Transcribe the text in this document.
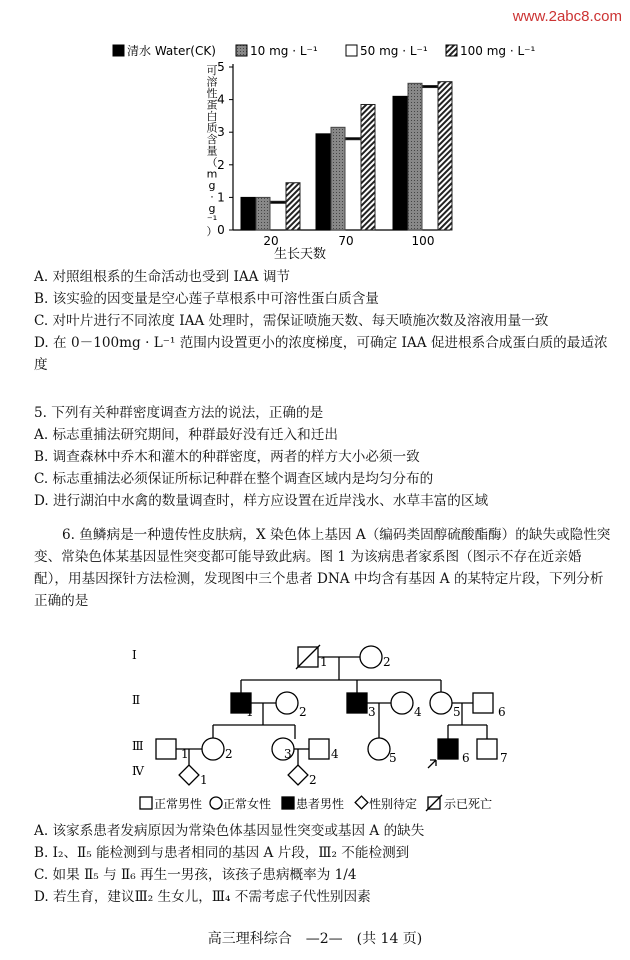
www.2abc8.com
清水 Water(CK)	10 mg · L⁻¹	50 mg · L⁻¹	100 mg · L⁻¹
可
溶
性
蛋
白
质
含
量
（
m
g
·
g
⁻¹
） 0
1
2
3
4
5
20	70	100
生长天数
A. 对照组根系的生命活动也受到 IAA 调节
B. 该实验的因变量是空心莲子草根系中可溶性蛋白质含量
C. 对叶片进行不同浓度 IAA 处理时，需保证喷施天数、每天喷施次数及溶液用量一致
D. 在 0－100mg · L⁻¹ 范围内设置更小的浓度梯度，可确定 IAA 促进根系合成蛋白质的最适浓度
5. 下列有关种群密度调查方法的说法，正确的是
A. 标志重捕法研究期间，种群最好没有迁入和迁出
B. 调查森林中乔木和灌木的种群密度，两者的样方大小必须一致
C. 标志重捕法必须保证所标记种群在整个调查区域内是均匀分布的
D. 进行湖泊中水禽的数量调查时，样方应设置在近岸浅水、水草丰富的区域
6. 鱼鳞病是一种遗传性皮肤病，X 染色体上基因 A（编码类固醇硫酸酯酶）的缺失或隐性突变、常染色体某基因显性突变都可能导致此病。图 1 为该病患者家系图（图示不存在近亲婚配），用基因探针方法检测，发现图中三个患者 DNA 中均含有基因 A 的某特定片段，下列分析正确的是
Ⅰ
Ⅱ
Ⅲ
Ⅳ
1	2
1	2	3	4	5	6
1	2	3	4	5	6	7
1	2
正常男性 正常女性 患者男性 性别待定 示已死亡
A. 该家系患者发病原因为常染色体基因显性突变或基因 A 的缺失
B. Ⅰ₂、Ⅱ₅ 能检测到与患者相同的基因 A 片段，Ⅲ₂ 不能检测到
C. 如果 Ⅱ₅ 与 Ⅱ₆ 再生一男孩，该孩子患病概率为 1/4
D. 若生育，建议Ⅲ₂ 生女儿，Ⅲ₄ 不需考虑子代性别因素
高三理科综合　—2—　(共 14 页)
